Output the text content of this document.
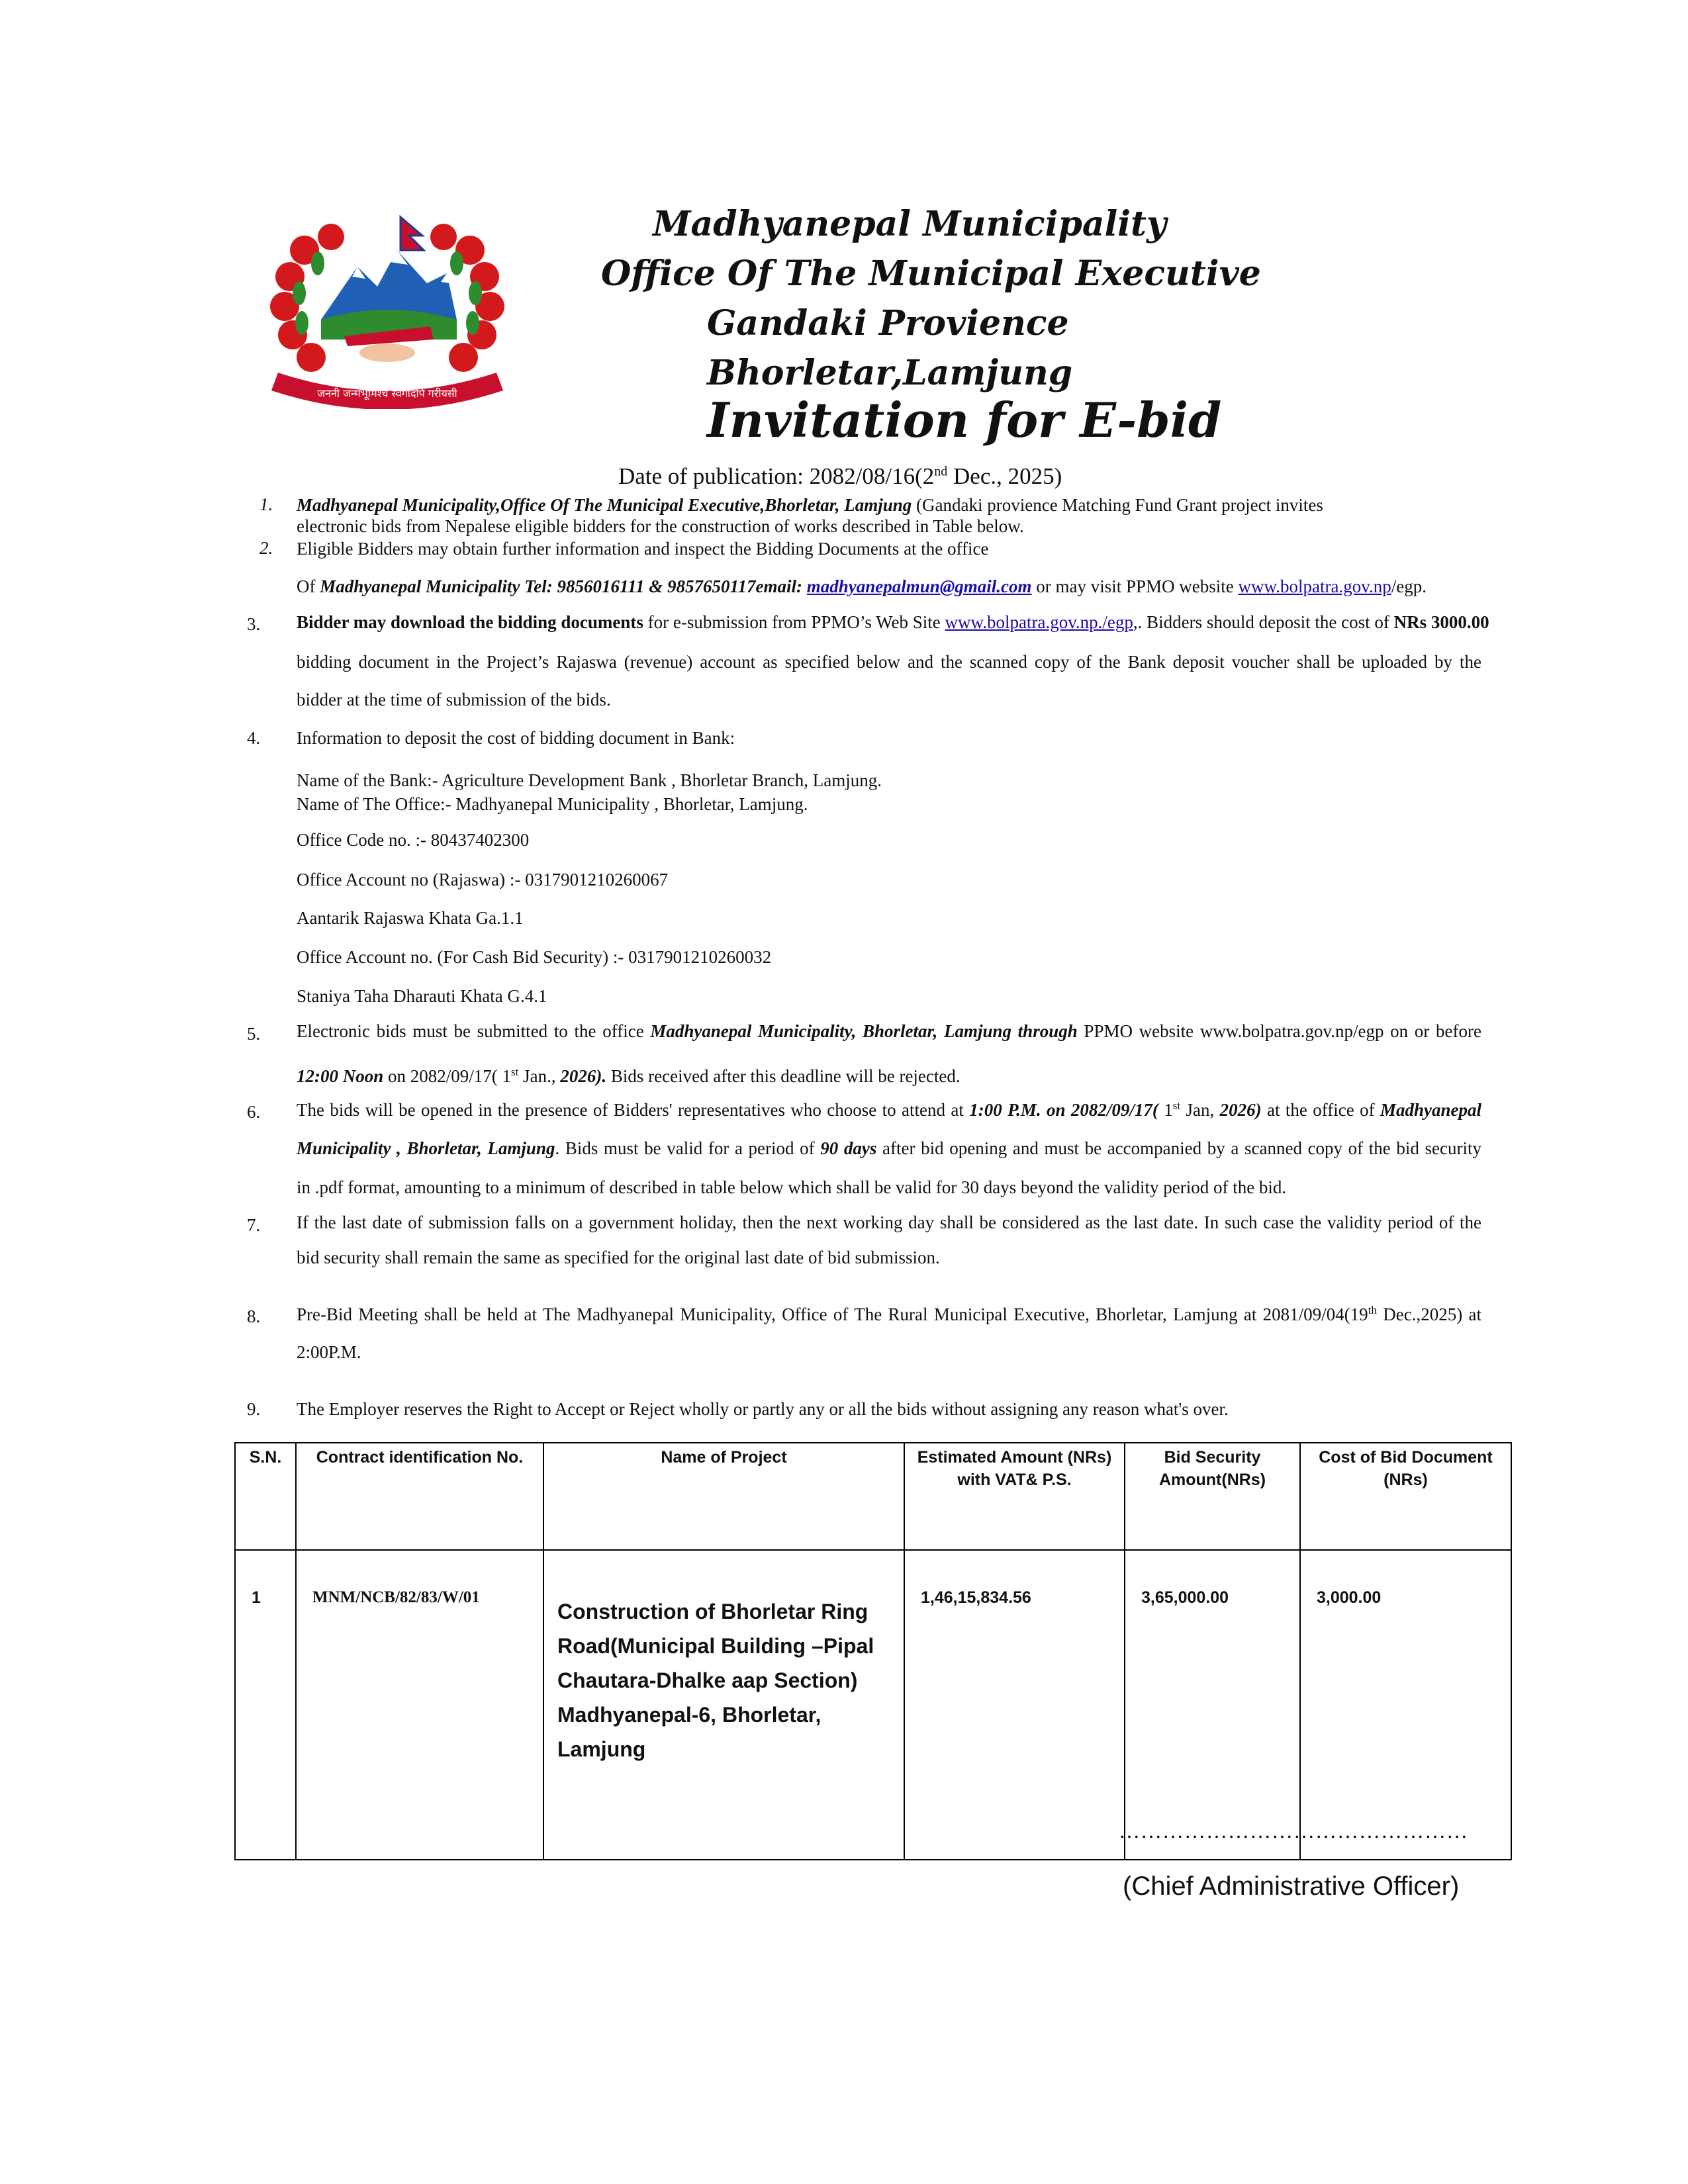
जननी जन्मभूमिश्च स्वर्गादपि गरीयसी
Madhyanepal Municipality
Office Of The Municipal Executive
Gandaki Provience
Bhorletar,Lamjung
Invitation for E-bid
Date of publication: 2082/08/16(2nd Dec., 2025)
1. Madhyanepal Municipality,Office Of The Municipal Executive,Bhorletar, Lamjung (Gandaki provience Matching Fund Grant project invites
electronic bids from Nepalese eligible bidders for the construction of works described in Table below.
2. Eligible Bidders may obtain further information and inspect the Bidding Documents at the office
Of Madhyanepal Municipality Tel: 9856016111 & 9857650117email: madhyanepalmun@gmail.com or may visit PPMO website www.bolpatra.gov.np/egp.
3. Bidder may download the bidding documents for e-submission from PPMO’s Web Site www.bolpatra.gov.np./egp,. Bidders should deposit the cost of NRs 3000.00
bidding document in the Project’s Rajaswa (revenue) account as specified below and the scanned copy of the Bank deposit voucher shall be uploaded by the
bidder at the time of submission of the bids.
4. Information to deposit the cost of bidding document in Bank:
Name of the Bank:- Agriculture Development Bank , Bhorletar Branch, Lamjung.
Name of The Office:- Madhyanepal Municipality , Bhorletar, Lamjung.
Office Code no. :- 80437402300
Office Account no (Rajaswa) :- 0317901210260067
Aantarik Rajaswa Khata Ga.1.1
Office Account no. (For Cash Bid Security) :- 0317901210260032
Staniya Taha Dharauti Khata G.4.1
5. Electronic bids must be submitted to the office Madhyanepal Municipality, Bhorletar, Lamjung through PPMO website www.bolpatra.gov.np/egp on or before
12:00 Noon on 2082/09/17( 1st Jan., 2026). Bids received after this deadline will be rejected.
6. The bids will be opened in the presence of Bidders' representatives who choose to attend at 1:00 P.M. on 2082/09/17( 1st Jan, 2026) at the office of Madhyanepal
Municipality , Bhorletar, Lamjung. Bids must be valid for a period of 90 days after bid opening and must be accompanied by a scanned copy of the bid security
in .pdf format, amounting to a minimum of described in table below which shall be valid for 30 days beyond the validity period of the bid.
7. If the last date of submission falls on a government holiday, then the next working day shall be considered as the last date. In such case the validity period of the
bid security shall remain the same as specified for the original last date of bid submission.
8. Pre-Bid Meeting shall be held at The Madhyanepal Municipality, Office of The Rural Municipal Executive, Bhorletar, Lamjung at 2081/09/04(19th Dec.,2025) at
2:00P.M.
9. The Employer reserves the Right to Accept or Reject wholly or partly any or all the bids without assigning any reason what's over.
S.N.	Contract identification No.	Name of Project	Estimated Amount (NRs) with VAT& P.S.	Bid Security Amount(NRs)	Cost of Bid Document (NRs)
1	MNM/NCB/82/83/W/01	Construction of Bhorletar Ring Road(Municipal Building –Pipal Chautara-Dhalke aap Section) Madhyanepal-6, Bhorletar, Lamjung	1,46,15,834.56	3,65,000.00	3,000.00
…………………………………………
(Chief Administrative Officer)
